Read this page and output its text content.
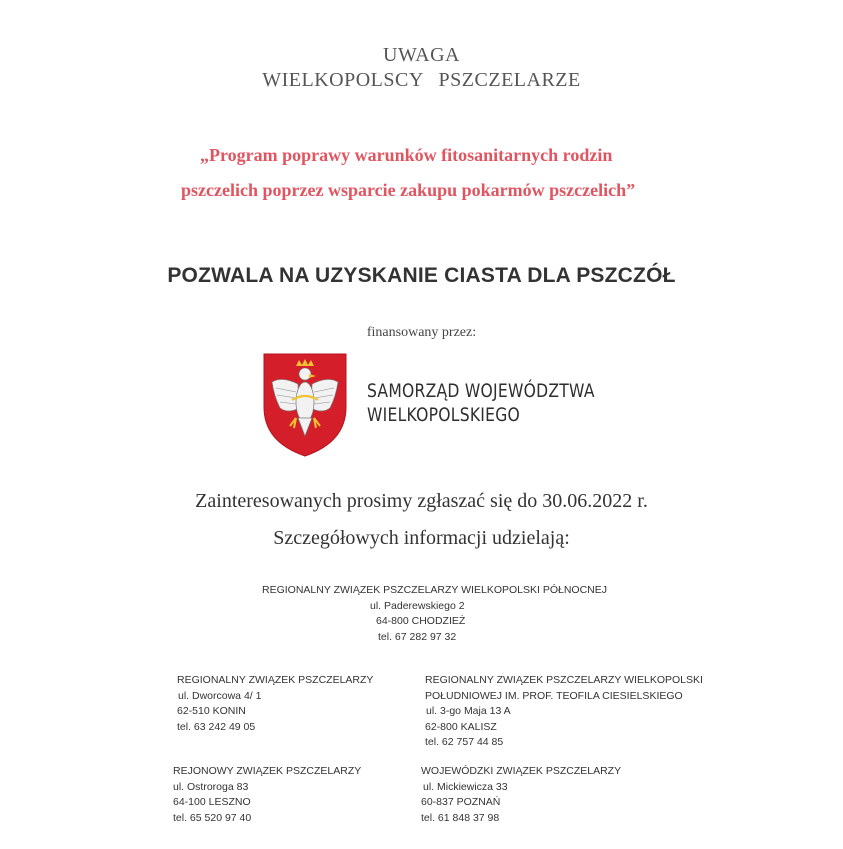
UWAGA
WIELKOPOLSCY PSZCZELARZE
„Program poprawy warunków fitosanitarnych rodzin
pszczelich poprzez wsparcie zakupu pokarmów pszczelich”
POZWALA NA UZYSKANIE CIASTA DLA PSZCZÓŁ
finansowany przez:
SAMORZĄD WOJEWÓDZTWA
WIELKOPOLSKIEGO
Zainteresowanych prosimy zgłaszać się do 30.06.2022 r.
Szczegółowych informacji udzielają:
REGIONALNY ZWIĄZEK PSZCZELARZY WIELKOPOLSKI PÓŁNOCNEJ
ul. Paderewskiego 2
64-800 CHODZIEŻ
tel. 67 282 97 32
REGIONALNY ZWIĄZEK PSZCZELARZY
ul. Dworcowa 4/ 1
62-510 KONIN
tel. 63 242 49 05
REGIONALNY ZWIĄZEK PSZCZELARZY WIELKOPOLSKI
POŁUDNIOWEJ IM. PROF. TEOFILA CIESIELSKIEGO
ul. 3-go Maja 13 A
62-800 KALISZ
tel. 62 757 44 85
REJONOWY ZWIĄZEK PSZCZELARZY
ul. Ostroroga 83
64-100 LESZNO
tel. 65 520 97 40
WOJEWÓDZKI ZWIĄZEK PSZCZELARZY
ul. Mickiewicza 33
60-837 POZNAŃ
tel. 61 848 37 98
